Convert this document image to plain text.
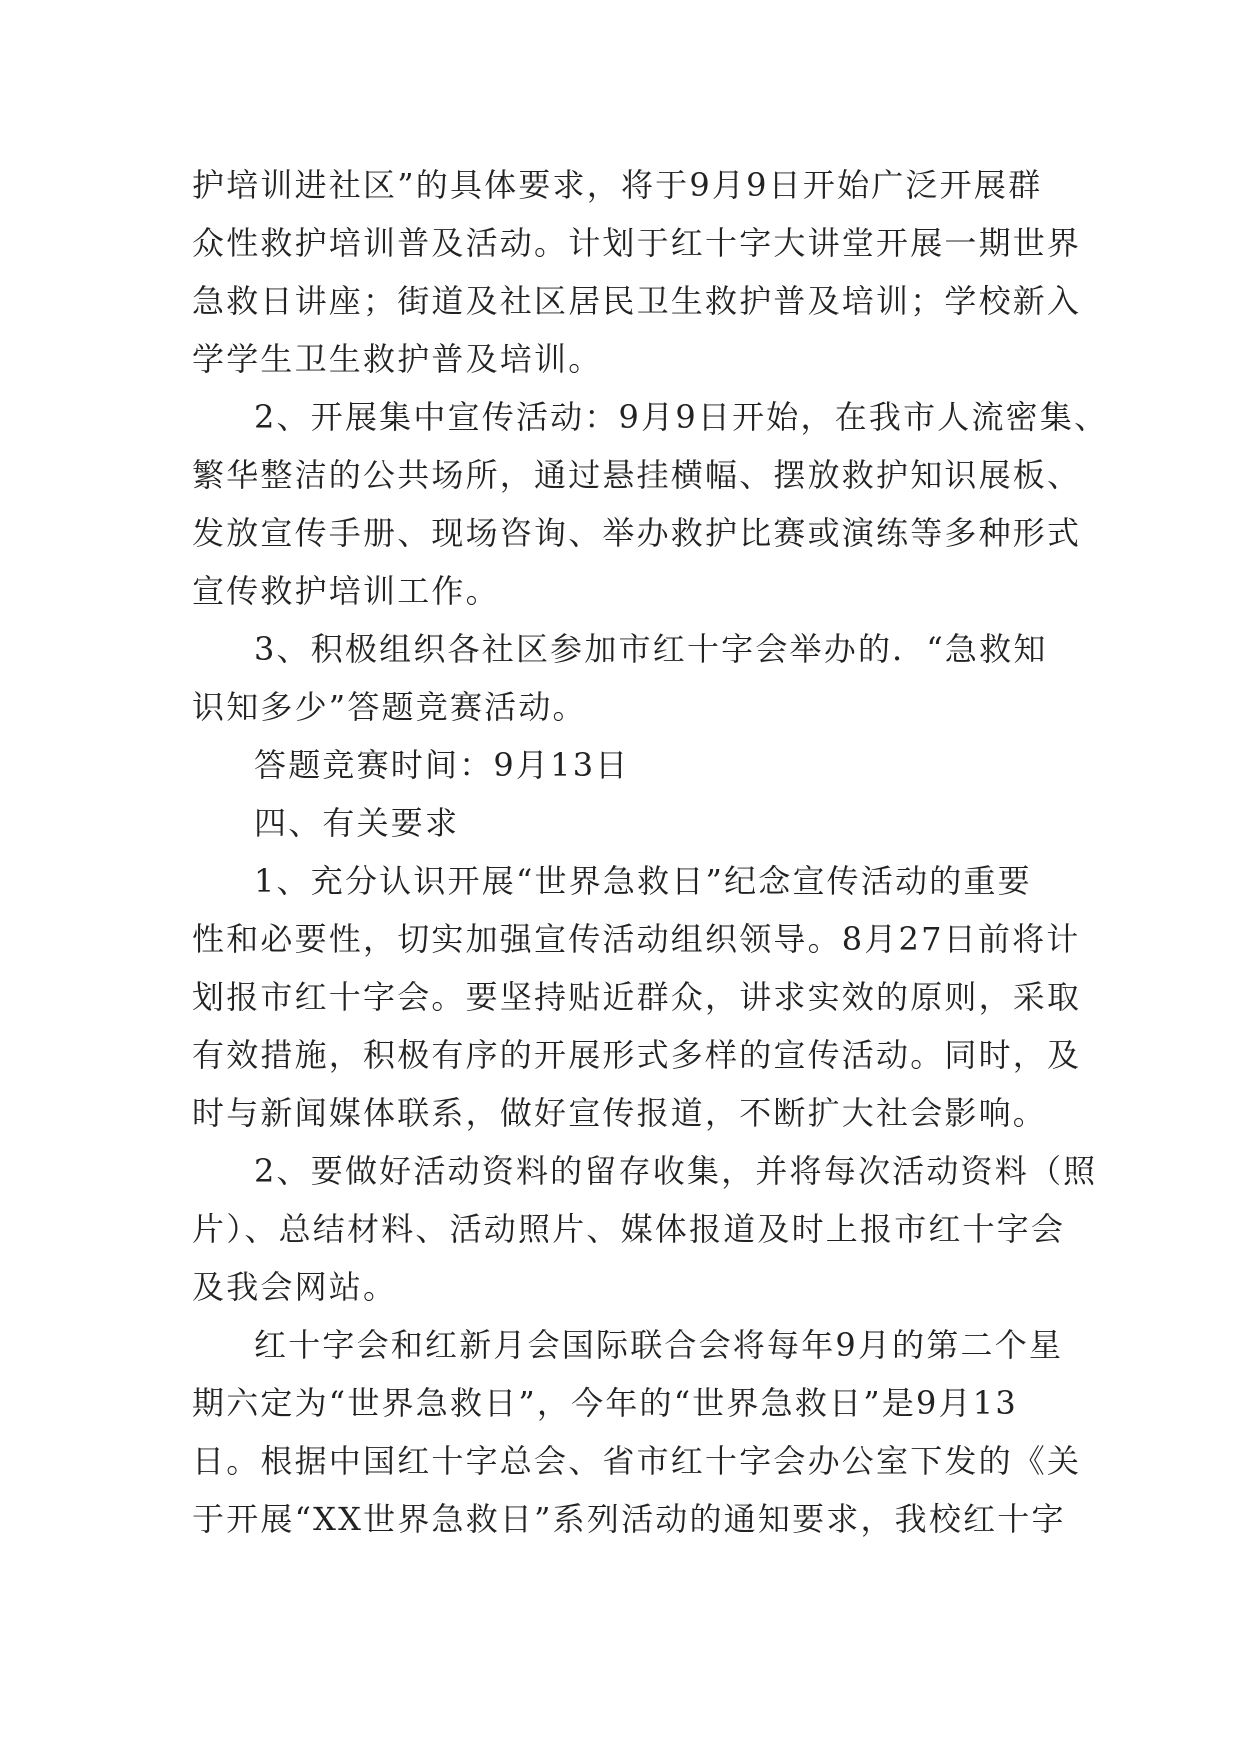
护培训进社区”的具体要求，将于9月9日开始广泛开展群
众性救护培训普及活动。计划于红十字大讲堂开展一期世界
急救日讲座；街道及社区居民卫生救护普及培训；学校新入
学学生卫生救护普及培训。
2、开展集中宣传活动：9月9日开始，在我市人流密集、
繁华整洁的公共场所，通过悬挂横幅、摆放救护知识展板、
发放宣传手册、现场咨询、举办救护比赛或演练等多种形式
宣传救护培训工作。
3、积极组织各社区参加市红十字会举办的．“急救知
识知多少”答题竞赛活动。
答题竞赛时间：9月13日
四、有关要求
1、充分认识开展“世界急救日”纪念宣传活动的重要
性和必要性，切实加强宣传活动组织领导。8月27日前将计
划报市红十字会。要坚持贴近群众，讲求实效的原则，采取
有效措施，积极有序的开展形式多样的宣传活动。同时，及
时与新闻媒体联系，做好宣传报道，不断扩大社会影响。
2、要做好活动资料的留存收集，并将每次活动资料（照
片）、总结材料、活动照片、媒体报道及时上报市红十字会
及我会网站。
红十字会和红新月会国际联合会将每年9月的第二个星
期六定为“世界急救日”，今年的“世界急救日”是9月13
日。根据中国红十字总会、省市红十字会办公室下发的《关
于开展“XX世界急救日”系列活动的通知要求，我校红十字
